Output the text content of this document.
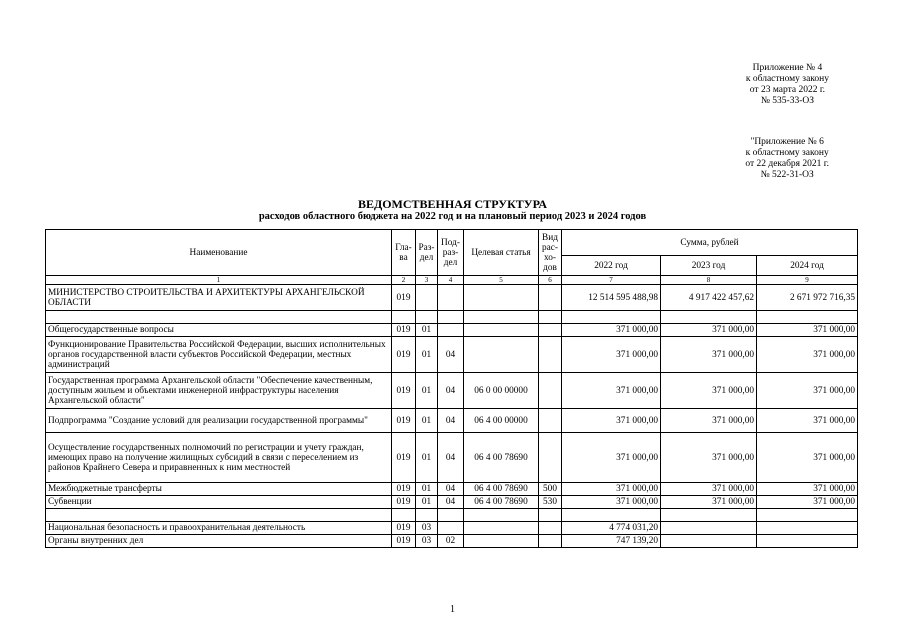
Приложение № 4
к областному закону
от 23 марта 2022 г.
№ 535-33-ОЗ
"Приложение № 6
к областному закону
от 22 декабря 2021 г.
№ 522-31-ОЗ
ВЕДОМСТВЕННАЯ СТРУКТУРА
расходов областного бюджета на 2022 год и на плановый период 2023 и 2024 годов
Наименование	Гла-ва	Раз-дел	Под-раз-дел	Целевая статья	Вид рас-хо-дов	Сумма, рублей		
						2022 год	2023 год	2024 год
1	2	3	4	5	6	7	8	9
МИНИСТЕРСТВО СТРОИТЕЛЬСТВА И АРХИТЕКТУРЫ АРХАНГЕЛЬСКОЙ ОБЛАСТИ	019					12 514 595 488,98	4 917 422 457,62	2 671 972 716,35

Общегосударственные вопросы	019	01				371 000,00	371 000,00	371 000,00
Функционирование Правительства Российской Федерации, высших исполнительных органов государственной власти субъектов Российской Федерации, местных администраций	019	01	04			371 000,00	371 000,00	371 000,00
Государственная программа Архангельской области "Обеспечение качественным, доступным жильем и объектами инженерной инфраструктуры населения Архангельской области"	019	01	04	06 0 00 00000		371 000,00	371 000,00	371 000,00
Подпрограмма "Создание условий для реализации государственной программы"	019	01	04	06 4 00 00000		371 000,00	371 000,00	371 000,00
Осуществление государственных полномочий по регистрации и учету граждан, имеющих право на получение жилищных субсидий в связи с переселением из районов Крайнего Севера и приравненных к ним местностей	019	01	04	06 4 00 78690		371 000,00	371 000,00	371 000,00
Межбюджетные трансферты	019	01	04	06 4 00 78690	500	371 000,00	371 000,00	371 000,00
Субвенции	019	01	04	06 4 00 78690	530	371 000,00	371 000,00	371 000,00

Национальная безопасность и правоохранительная деятельность	019	03				4 774 031,20		
Органы внутренних дел	019	03	02			747 139,20		
1
